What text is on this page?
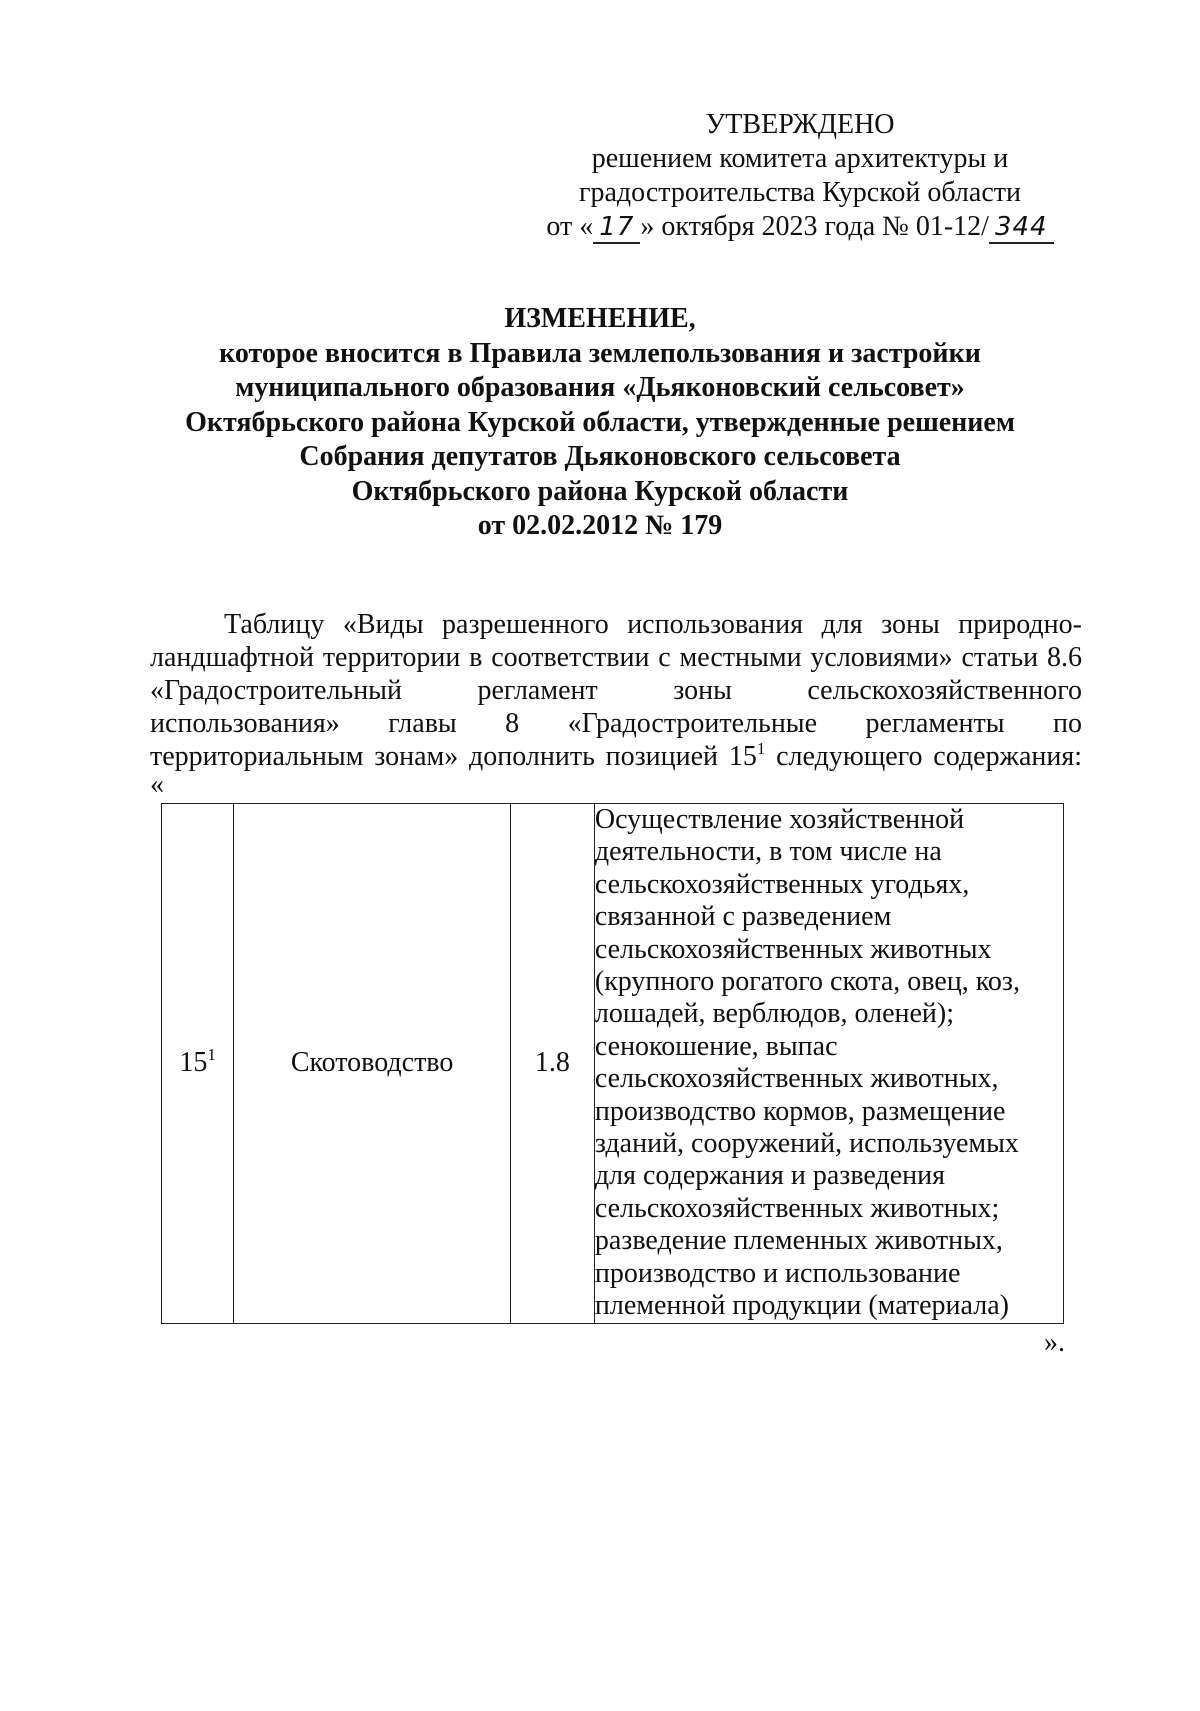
УТВЕРЖДЕНО
решением комитета архитектуры и
градостроительства Курской области
от « 17 » октября 2023 года № 01-12/ 344
ИЗМЕНЕНИЕ,
которое вносится в Правила землепользования и застройки
муниципального образования «Дьяконовский сельсовет»
Октябрьского района Курской области, утвержденные решением
Собрания депутатов Дьяконовского сельсовета
Октябрьского района Курской области
от 02.02.2012 № 179
Таблицу «Виды разрешенного использования для зоны природно-
ландшафтной территории в соответствии с местными условиями» статьи 8.6
«Градостроительный регламент зоны сельскохозяйственного
использования» главы 8 «Градостроительные регламенты по
территориальным зонам» дополнить позицией $15^1$ следующего содержания:
«
$15^1$	Скотоводство	1.8	
Осуществление хозяйственной
деятельности, в том числе на
сельскохозяйственных угодьях,
связанной с разведением
сельскохозяйственных животных
(крупного рогатого скота, овец, коз,
лошадей, верблюдов, оленей);
сенокошение, выпас
сельскохозяйственных животных,
производство кормов, размещение
зданий, сооружений, используемых
для содержания и разведения
сельскохозяйственных животных;
разведение племенных животных,
производство и использование
племенной продукции (материала)
».
